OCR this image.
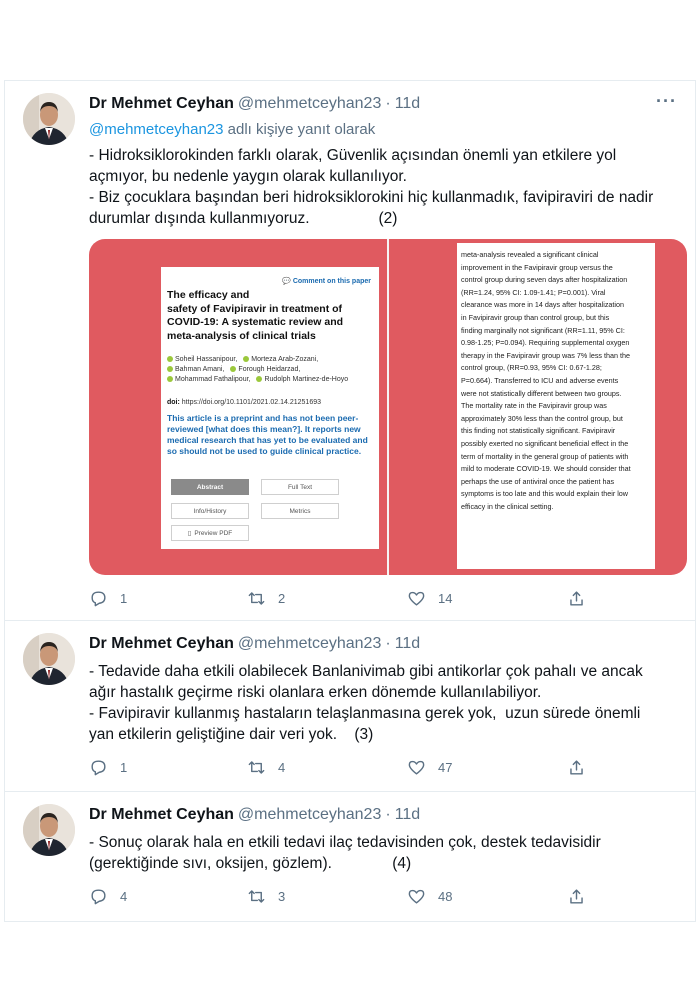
Dr Mehmet Ceyhan @mehmetceyhan23 · 11d	···
@mehmetceyhan23 adlı kişiye yanıt olarak

- Hidroksiklorokinden farklı olarak, Güvenlik açısından önemli yan etkilere yol

açmıyor, bu nedenle yaygın olarak kullanılıyor.

- Biz çocuklara başından beri hidroksiklorokini hiç kullanmadık, favipiraviri de nadir

durumlar dışında kullanmıyoruz.                (2)

💬 Comment on this paper
The efficacy and
safety of Favipiravir in treatment of
COVID-19: A systematic review and
meta-analysis of clinical trials
Soheil Hassanipour, Morteza Arab-Zozani,
Bahman Amani, Forough Heidarzad,
Mohammad Fathalipour, Rudolph Martinez-de-Hoyo
doi: https://doi.org/10.1101/2021.02.14.21251693
This article is a preprint and has not been peer-reviewed [what does this mean?]. It reports new medical research that has yet to be evaluated and so should not be used to guide clinical practice.
Abstract	Full Text
Info/History	Metrics
▯ Preview PDF

meta-analysis revealed a significant clinical

improvement in the Favipiravir group versus the

control group during seven days after hospitalization

(RR=1.24, 95% CI: 1.09-1.41; P=0.001). Viral

clearance was more in 14 days after hospitalization

in Favipiravir group than control group, but this

finding marginally not significant (RR=1.11, 95% CI:

0.98-1.25; P=0.094). Requiring supplemental oxygen

therapy in the Favipiravir group was 7% less than the

control group, (RR=0.93, 95% CI: 0.67-1.28;

P=0.664). Transferred to ICU and adverse events

were not statistically different between two groups.

The mortality rate in the Favipiravir group was

approximately 30% less than the control group, but

this finding not statistically significant. Favipiravir

possibly exerted no significant beneficial effect in the

term of mortality in the general group of patients with

mild to moderate COVID-19. We should consider that

perhaps the use of antiviral once the patient has

symptoms is too late and this would explain their low

efficacy in the clinical setting.

1	2	14
Dr Mehmet Ceyhan @mehmetceyhan23 · 11d

- Tedavide daha etkili olabilecek Banlanivimab gibi antikorlar çok pahalı ve ancak

ağır hastalık geçirme riski olanlara erken dönemde kullanılabiliyor.

- Favipiravir kullanmış hastaların telaşlanmasına gerek yok,  uzun sürede önemli

yan etkilerin geliştiğine dair veri yok.    (3)

1	4	47
Dr Mehmet Ceyhan @mehmetceyhan23 · 11d

- Sonuç olarak hala en etkili tedavi ilaç tedavisinden çok, destek tedavisidir

(gerektiğinde sıvı, oksijen, gözlem).              (4)

4	3	48
